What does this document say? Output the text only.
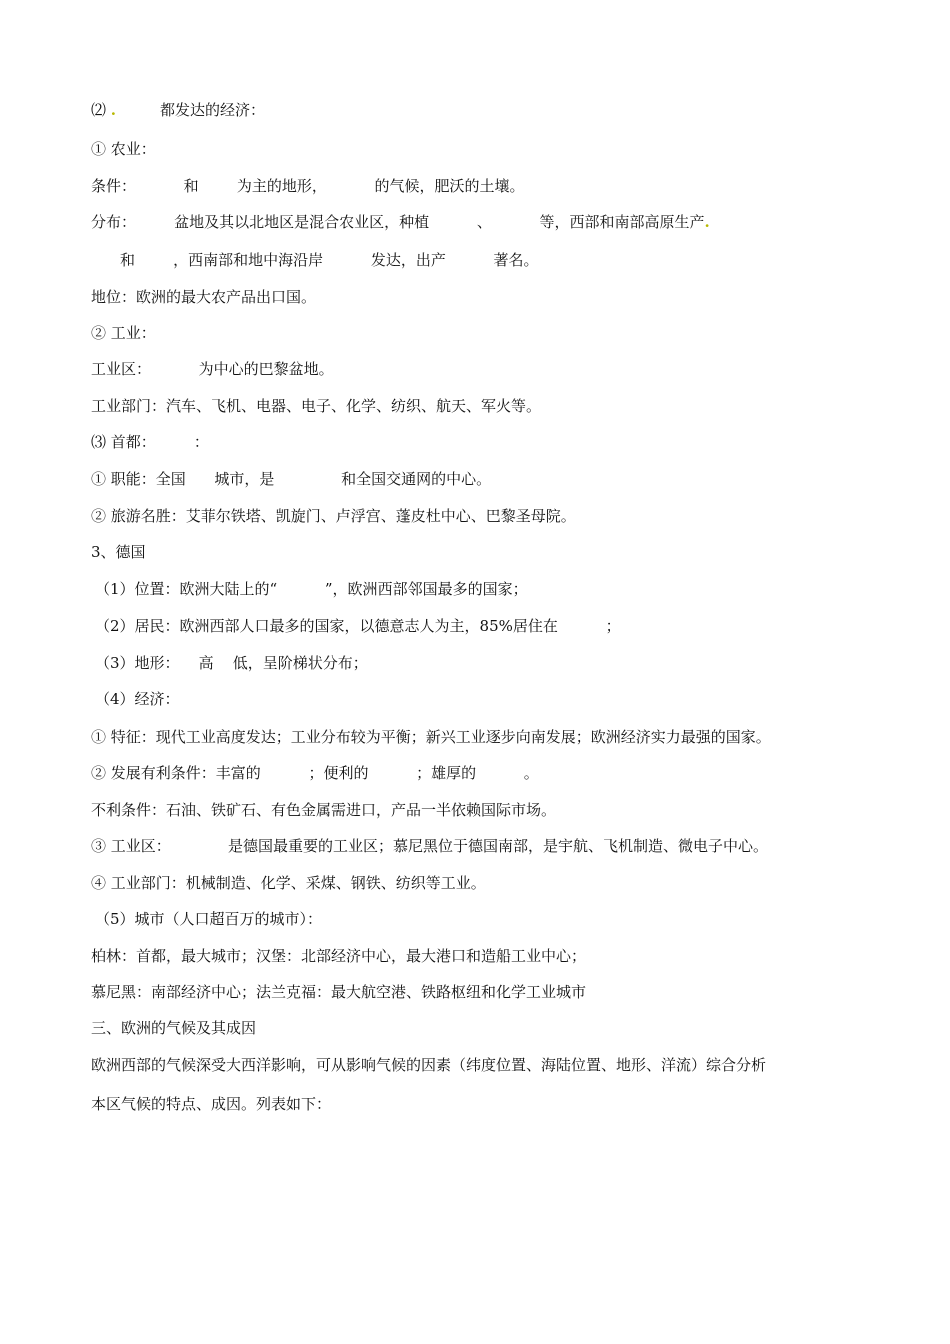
⑵ .	都发达的经济：
① 农业：
条件：          和        为主的地形，          的气候，肥沃的土壤。
分布：        盆地及其以北地区是混合农业区，种植          、          等，西部和南部高原生产.
和        ，西南部和地中海沿岸          发达，出产          著名。
地位：欧洲的最大农产品出口国。
② 工业：
工业区：          为中心的巴黎盆地。
工业部门：汽车、飞机、电器、电子、化学、纺织、航天、军火等。
⑶ 首都：        ：
① 职能：全国      城市，是              和全国交通网的中心。
② 旅游名胜：艾菲尔铁塔、凯旋门、卢浮宫、蓬皮杜中心、巴黎圣母院。
3、德国
（1）位置：欧洲大陆上的“          ”，欧洲西部邻国最多的国家；
（2）居民：欧洲西部人口最多的国家，以德意志人为主，85%居住在          ；
（3）地形：    高    低，呈阶梯状分布；
（4）经济：
① 特征：现代工业高度发达；工业分布较为平衡；新兴工业逐步向南发展；欧洲经济实力最强的国家。
② 发展有利条件：丰富的          ；便利的          ；雄厚的          。
不利条件：石油、铁矿石、有色金属需进口，产品一半依赖国际市场。
③ 工业区：            是德国最重要的工业区；慕尼黑位于德国南部，是宇航、飞机制造、微电子中心。
④ 工业部门：机械制造、化学、采煤、钢铁、纺织等工业。
（5）城市（人口超百万的城市）：
柏林：首都，最大城市；汉堡：北部经济中心，最大港口和造船工业中心；
慕尼黑：南部经济中心；法兰克福：最大航空港、铁路枢纽和化学工业城市
三、欧洲的气候及其成因
欧洲西部的气候深受大西洋影响，可从影响气候的因素（纬度位置、海陆位置、地形、洋流）综合分析
本区气候的特点、成因。列表如下：
